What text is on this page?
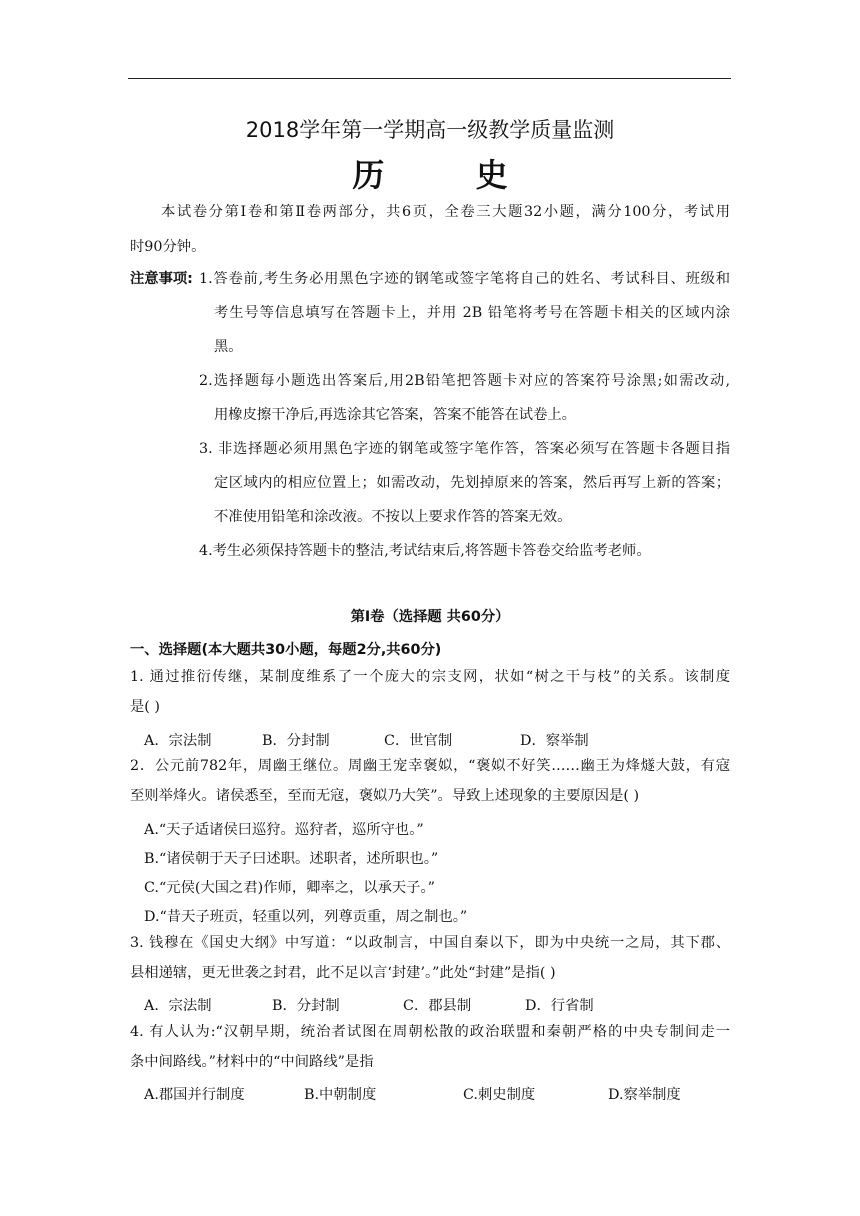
2018学年第一学期高一级教学质量监测
历 史
本试卷分第Ⅰ卷和第Ⅱ卷两部分，共6页，全卷三大题32小题，满分100分，考试用
时90分钟。
注意事项: 1.答卷前,考生务必用黑色字迹的钢笔或签字笔将自己的姓名、考试科目、班级和
考生号等信息填写在答题卡上，并用 2B 铅笔将考号在答题卡相关的区域内涂
黑。
2.选择题每小题选出答案后,用2B铅笔把答题卡对应的答案符号涂黑;如需改动,
用橡皮擦干净后,再选涂其它答案，答案不能答在试卷上。
3. 非选择题必须用黑色字迹的钢笔或签字笔作答，答案必须写在答题卡各题目指
定区域内的相应位置上；如需改动，先划掉原来的答案，然后再写上新的答案；
不准使用铅笔和涂改液。不按以上要求作答的答案无效。
4.考生必须保持答题卡的整洁,考试结束后,将答题卡答卷交给监考老师。
第Ⅰ卷（选择题 共60分）
一、选择题(本大题共30小题，每题2分,共60分)
1. 通过推衍传继，某制度维系了一个庞大的宗支网，状如“树之干与枝”的关系。该制度
是( )
A．宗法制	B．分封制	C．世官制	D．察举制
2．公元前782年，周幽王继位。周幽王宠幸褒姒，“褒姒不好笑……幽王为烽燧大鼓，有寇
至则举烽火。诸侯悉至，至而无寇，褒姒乃大笑”。导致上述现象的主要原因是( )
A.“天子适诸侯曰巡狩。巡狩者，巡所守也。”
B.“诸侯朝于天子曰述职。述职者，述所职也。”
C.“元侯(大国之君)作师，卿率之，以承天子。”
D.“昔天子班贡，轻重以列，列尊贡重，周之制也。”
3. 钱穆在《国史大纲》中写道：“以政制言，中国自秦以下，即为中央统一之局，其下郡、
县相递辖，更无世袭之封君，此不足以言‘封建’。”此处“封建”是指( )
A．宗法制	B．分封制	C．郡县制	D．行省制
4. 有人认为:“汉朝早期，统治者试图在周朝松散的政治联盟和秦朝严格的中央专制间走一
条中间路线。”材料中的“中间路线”是指
A.郡国并行制度	B.中朝制度	C.刺史制度	D.察举制度
